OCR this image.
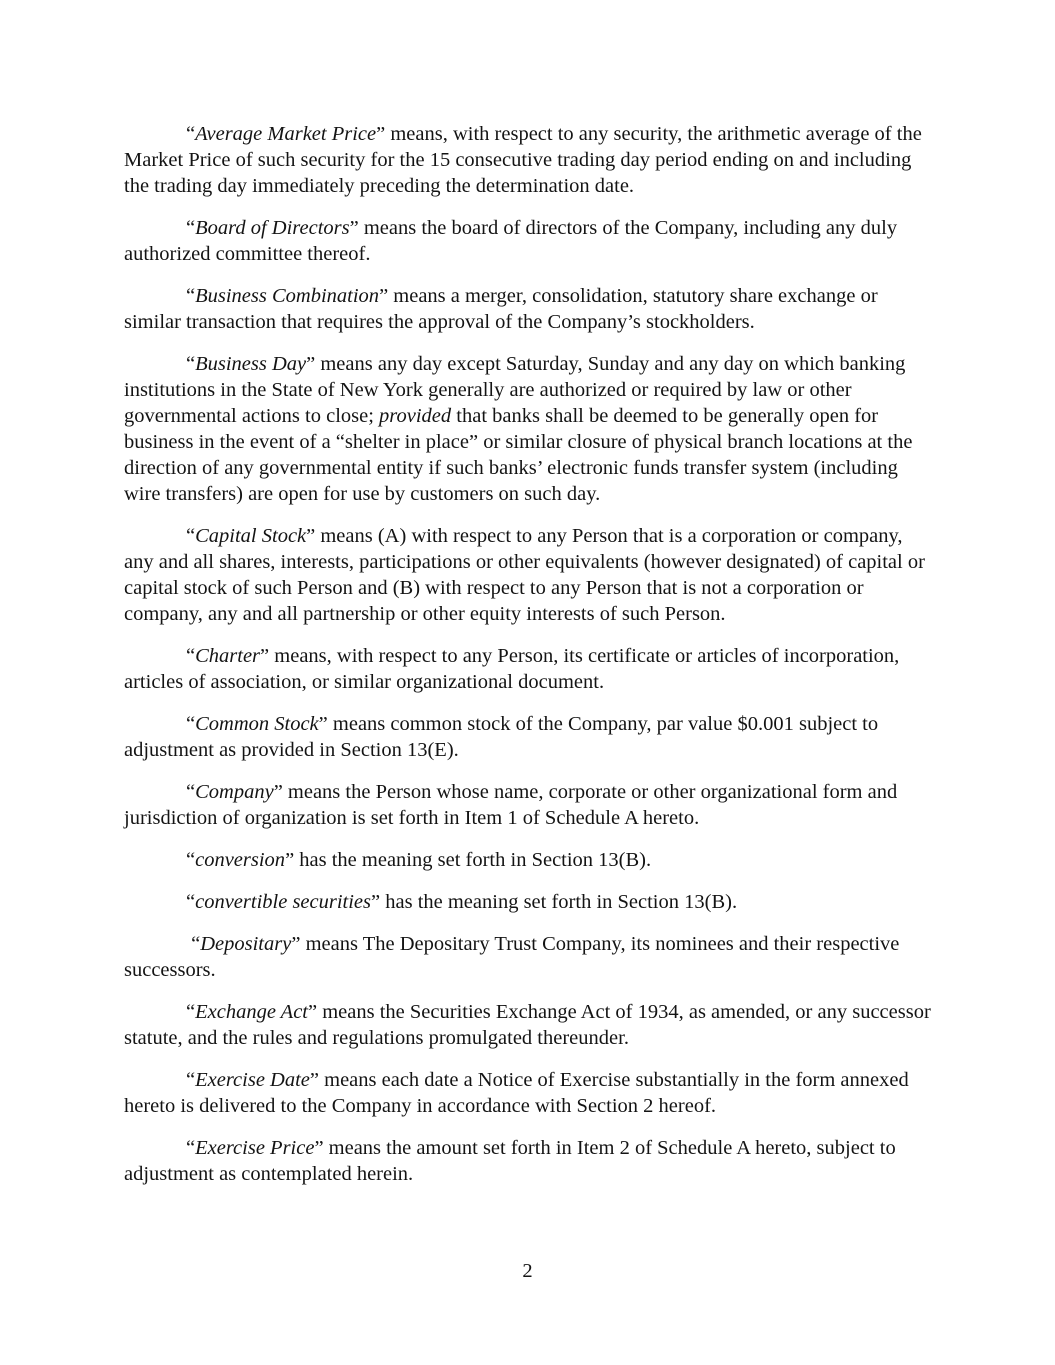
“Average Market Price” means, with respect to any security, the arithmetic average of the Market Price of such security for the 15 consecutive trading day period ending on and including the trading day immediately preceding the determination date.

“Board of Directors” means the board of directors of the Company, including any duly authorized committee thereof.

“Business Combination” means a merger, consolidation, statutory share exchange or similar transaction that requires the approval of the Company’s stockholders.

“Business Day” means any day except Saturday, Sunday and any day on which banking institutions in the State of New York generally are authorized or required by law or other governmental actions to close; provided that banks shall be deemed to be generally open for business in the event of a “shelter in place” or similar closure of physical branch locations at the direction of any governmental entity if such banks’ electronic funds transfer system (including wire transfers) are open for use by customers on such day.

“Capital Stock” means (A) with respect to any Person that is a corporation or company, any and all shares, interests, participations or other equivalents (however designated) of capital or capital stock of such Person and (B) with respect to any Person that is not a corporation or company, any and all partnership or other equity interests of such Person.

“Charter” means, with respect to any Person, its certificate or articles of incorporation, articles of association, or similar organizational document.

“Common Stock” means common stock of the Company, par value $0.001 subject to adjustment as provided in Section 13(E).

“Company” means the Person whose name, corporate or other organizational form and jurisdiction of organization is set forth in Item 1 of Schedule A hereto.

“conversion” has the meaning set forth in Section 13(B).

“convertible securities” has the meaning set forth in Section 13(B).

“Depositary” means The Depositary Trust Company, its nominees and their respective successors.

“Exchange Act” means the Securities Exchange Act of 1934, as amended, or any successor statute, and the rules and regulations promulgated thereunder.

“Exercise Date” means each date a Notice of Exercise substantially in the form annexed hereto is delivered to the Company in accordance with Section 2 hereof.

“Exercise Price” means the amount set forth in Item 2 of Schedule A hereto, subject to adjustment as contemplated herein.

2
